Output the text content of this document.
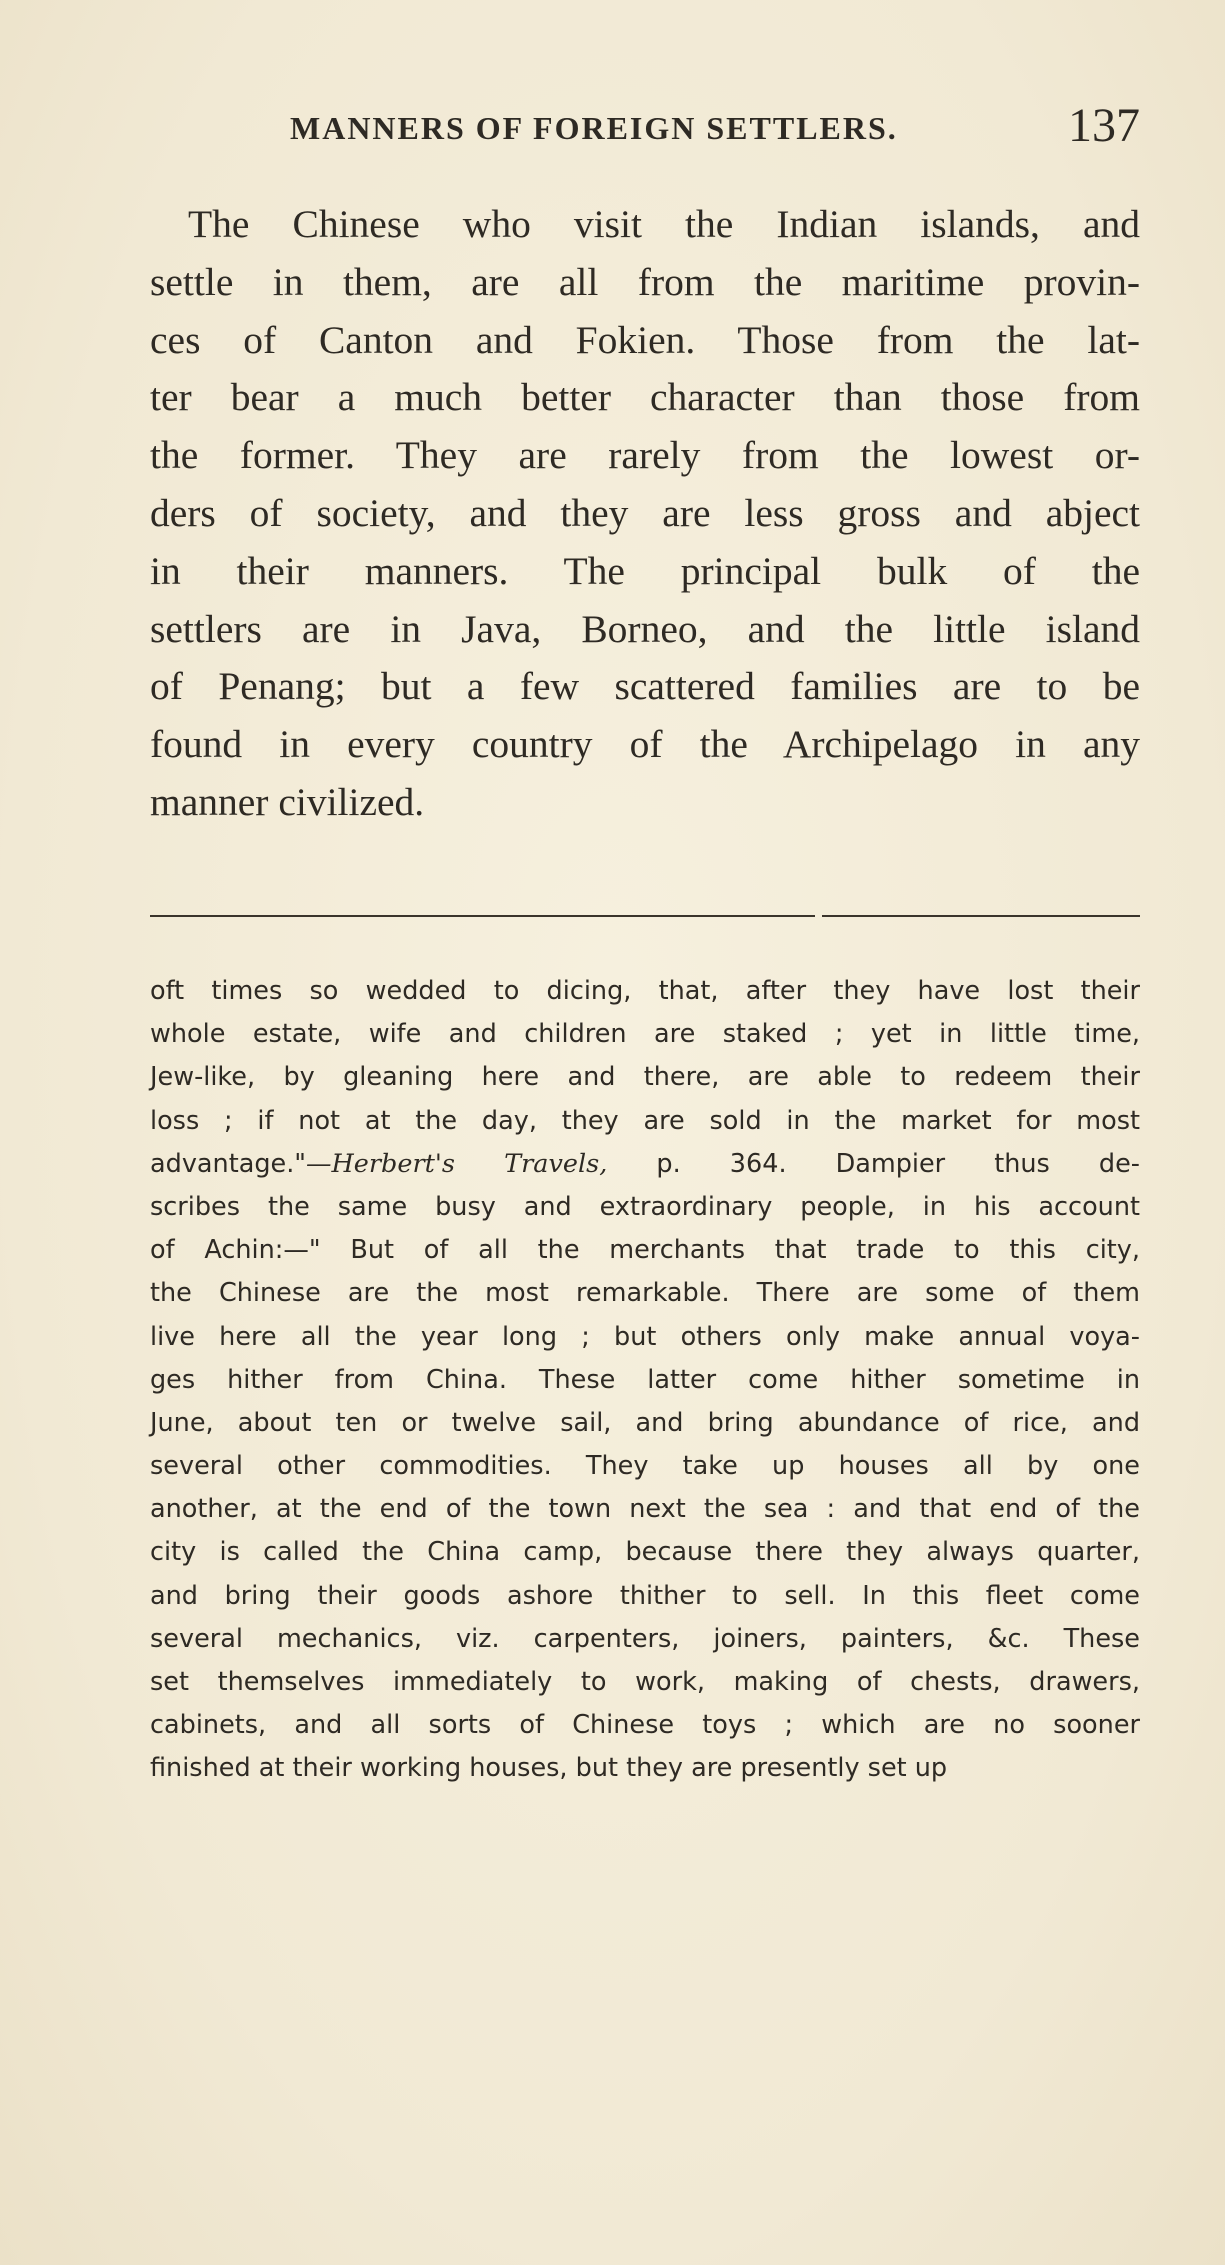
MANNERS OF FOREIGN SETTLERS.	137
The Chinese who visit the Indian islands, and
settle in them, are all from the maritime provin-
ces of Canton and Fokien. Those from the lat-
ter bear a much better character than those from
the former. They are rarely from the lowest or-
ders of society, and they are less gross and abject
in their manners. The principal bulk of the
settlers are in Java, Borneo, and the little island
of Penang; but a few scattered families are to be
found in every country of the Archipelago in any
manner civilized.
oft times so wedded to dicing, that, after they have lost their
whole estate, wife and children are staked ; yet in little time,
Jew-like, by gleaning here and there, are able to redeem their
loss ; if not at the day, they are sold in the market for most
advantage."—Herbert's Travels, p. 364. Dampier thus de-
scribes the same busy and extraordinary people, in his account
of Achin:—" But of all the merchants that trade to this city,
the Chinese are the most remarkable. There are some of them
live here all the year long ; but others only make annual voya-
ges hither from China. These latter come hither sometime in
June, about ten or twelve sail, and bring abundance of rice, and
several other commodities. They take up houses all by one
another, at the end of the town next the sea : and that end of the
city is called the China camp, because there they always quarter,
and bring their goods ashore thither to sell. In this fleet come
several mechanics, viz. carpenters, joiners, painters, &c. These
set themselves immediately to work, making of chests, drawers,
cabinets, and all sorts of Chinese toys ; which are no sooner
finished at their working houses, but they are presently set up
